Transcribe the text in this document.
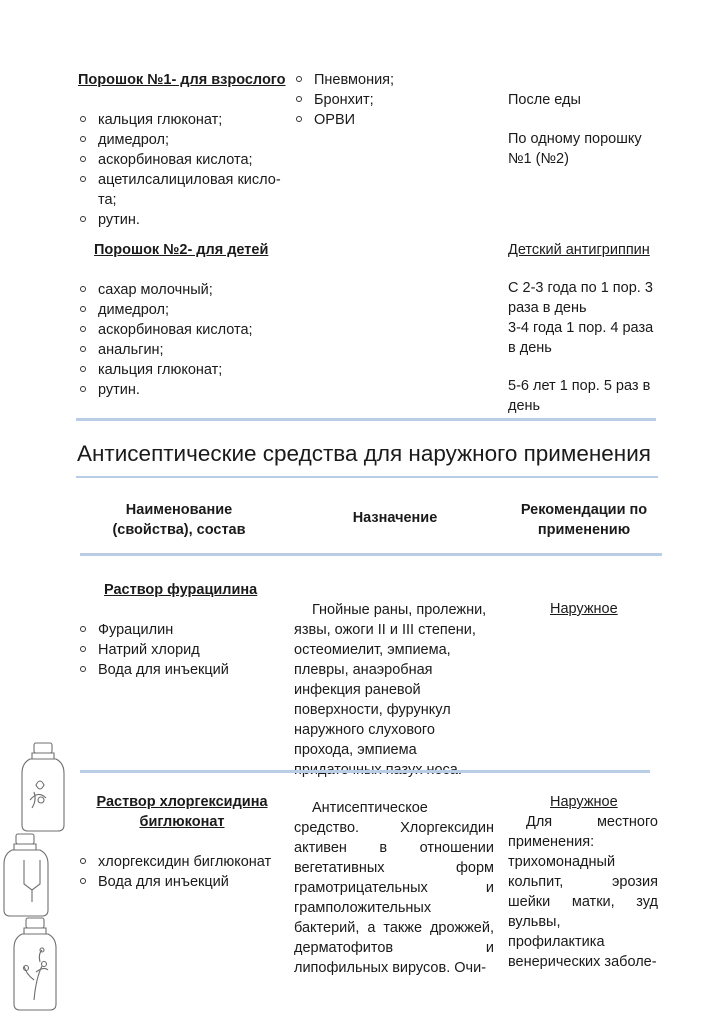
Порошок №1- для взрослого
кальция глюконат;
димедрол;
аскорбиновая кислота;
ацетилсалициловая кисло-та;
рутин.
Пневмония;
Бронхит;
ОРВИ
После еды
По одному порошку №1 (№2)
Порошок №2- для детей
сахар молочный;
димедрол;
аскорбиновая кислота;
анальгин;
кальция глюконат;
рутин.
Детский антигриппин
С 2-3 года по 1 пор. 3 раза в день
3-4 года 1 пор. 4 раза в день
5-6 лет 1 пор. 5 раз в день
Антисептические средства для наружного применения
Наименование (свойства), состав
Назначение	Рекомендации по применению
Раствор фурацилина
Фурацилин
Натрий хлорид
Вода для инъекций
Гнойные раны, пролежни, язвы, ожоги II и III степени, остеомиелит, эмпиема, плевры, анаэробная инфекция раневой поверхности, фурункул наружного слухового прохода, эмпиема
Наружное
Раствор хлоргексидина биглюконат
хлоргексидин биглюконат
Вода для инъекций
Антисептическое средство. Хлоргексидин активен в отношении вегетативных форм грамотрицательных и грамположительных бактерий, а также дрожжей, дерматофитов и липофильных вирусов. Очи-
Наружное
Для местного применения: трихомонадный кольпит, эрозия шейки матки, зуд вульвы, профилактика венерических заболе-
